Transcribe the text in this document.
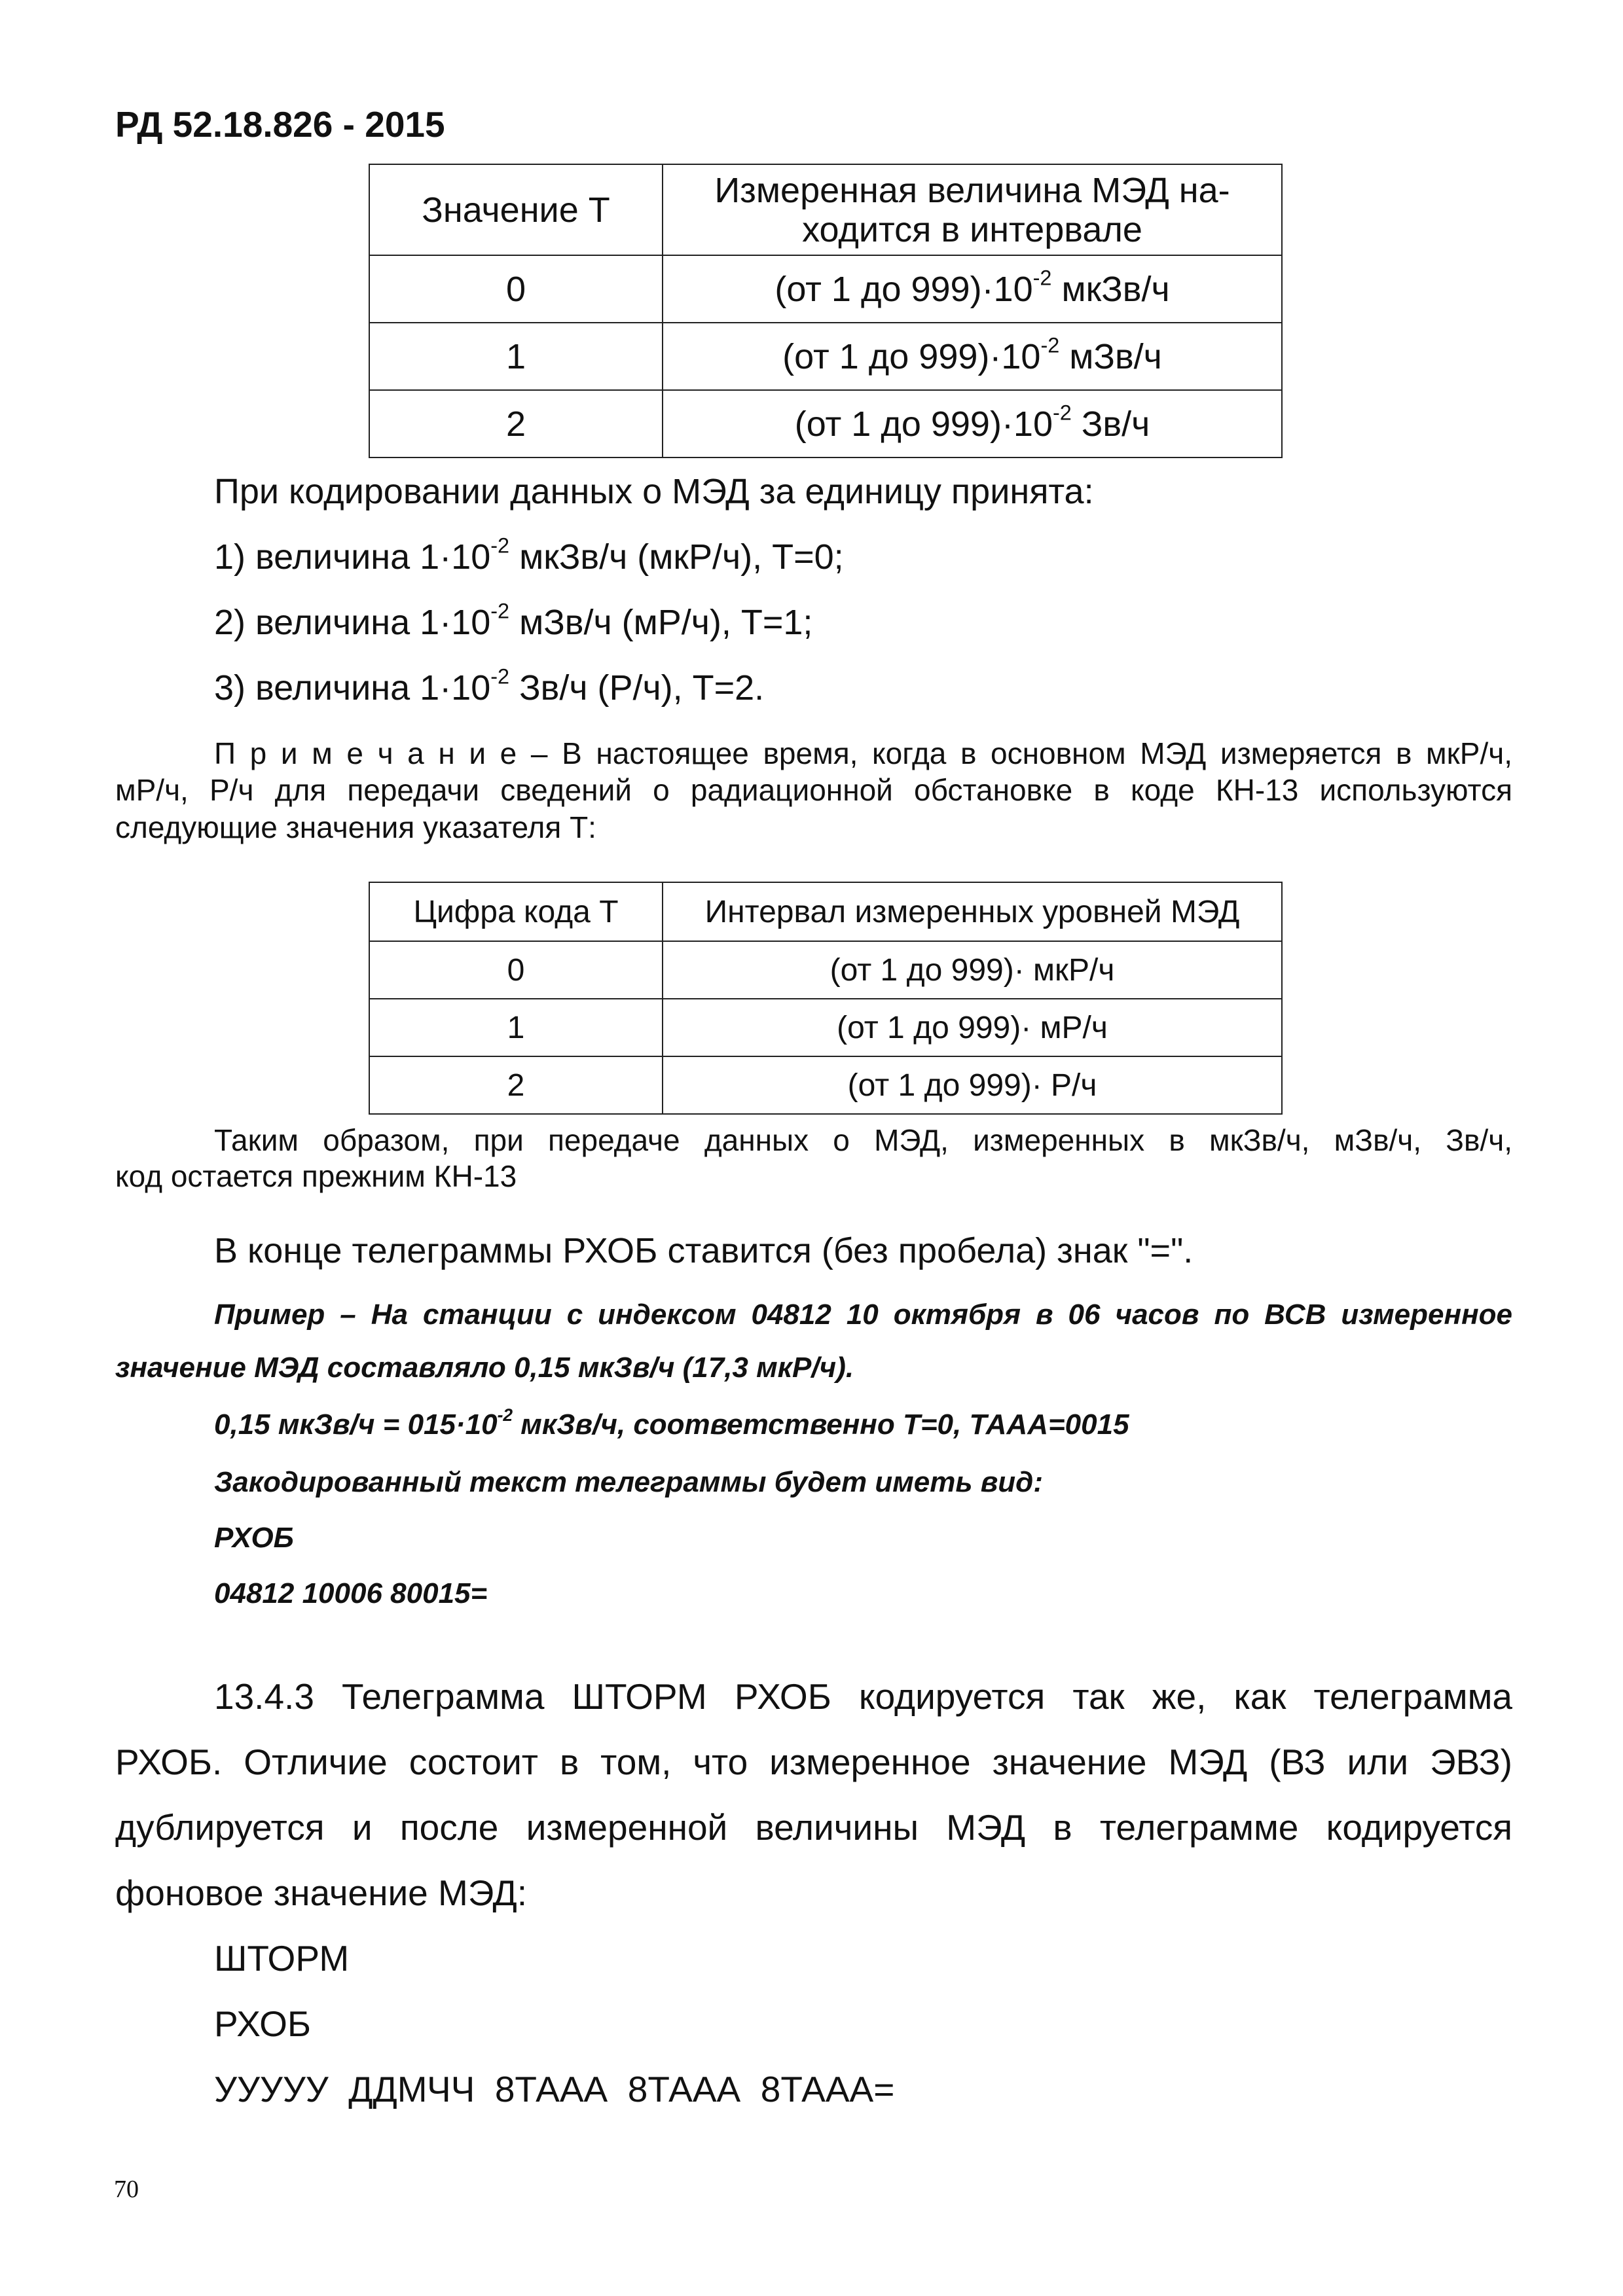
РД 52.18.826 - 2015
Значение Т	Измеренная величина МЭД на-
ходится в интервале

0	(от 1 до $999)\cdot 10^{-2}$ мкЗв/ч
1	(от 1 до $999)\cdot 10^{-2}$ мЗв/ч
2	(от 1 до $999)\cdot 10^{-2}$ Зв/ч
При кодировании данных о МЭД за единицу принята:
1) величина $1\cdot 10^{-2}$ мкЗв/ч (мкР/ч), Т=0;
2) величина $1\cdot 10^{-2}$ мЗв/ч (мР/ч), Т=1;
3) величина $1\cdot 10^{-2}$ Зв/ч (Р/ч), Т=2.
П р и м е ч а н и е – В настоящее время, когда в основном МЭД измеряется в мкР/ч,
мР/ч, Р/ч для передачи сведений о радиационной обстановке в коде КН-13 используются
следующие значения указателя Т:
Цифра кода Т	Интервал измеренных уровней МЭД
0	(от 1 до 999)· мкР/ч
1	(от 1 до 999)· мР/ч
2	(от 1 до 999)· Р/ч
Таким образом, при передаче данных о МЭД, измеренных в мкЗв/ч, мЗв/ч, Зв/ч,
код остается прежним КН-13
В конце телеграммы РХОБ ставится (без пробела) знак "=".
Пример – На станции с индексом 04812 10 октября в 06 часов по ВСВ измеренное
значение МЭД составляло 0,15 мкЗв/ч (17,3 мкР/ч).
0,15 мкЗв/ч = $015\cdot 10^{-2}$ мкЗв/ч, соответственно Т=0, ТААА=0015
Закодированный текст телеграммы будет иметь вид:
РХОБ
04812 10006 80015=
13.4.3 Телеграмма ШТОРМ РХОБ кодируется так же, как телеграмма
РХОБ. Отличие состоит в том, что измеренное значение МЭД (ВЗ или ЭВЗ)
дублируется и после измеренной величины МЭД в телеграмме кодируется
фоновое значение МЭД:
ШТОРМ
РХОБ
УУУУУ  ДДМЧЧ  8ТААА  8ТААА  8ТААА=
70
